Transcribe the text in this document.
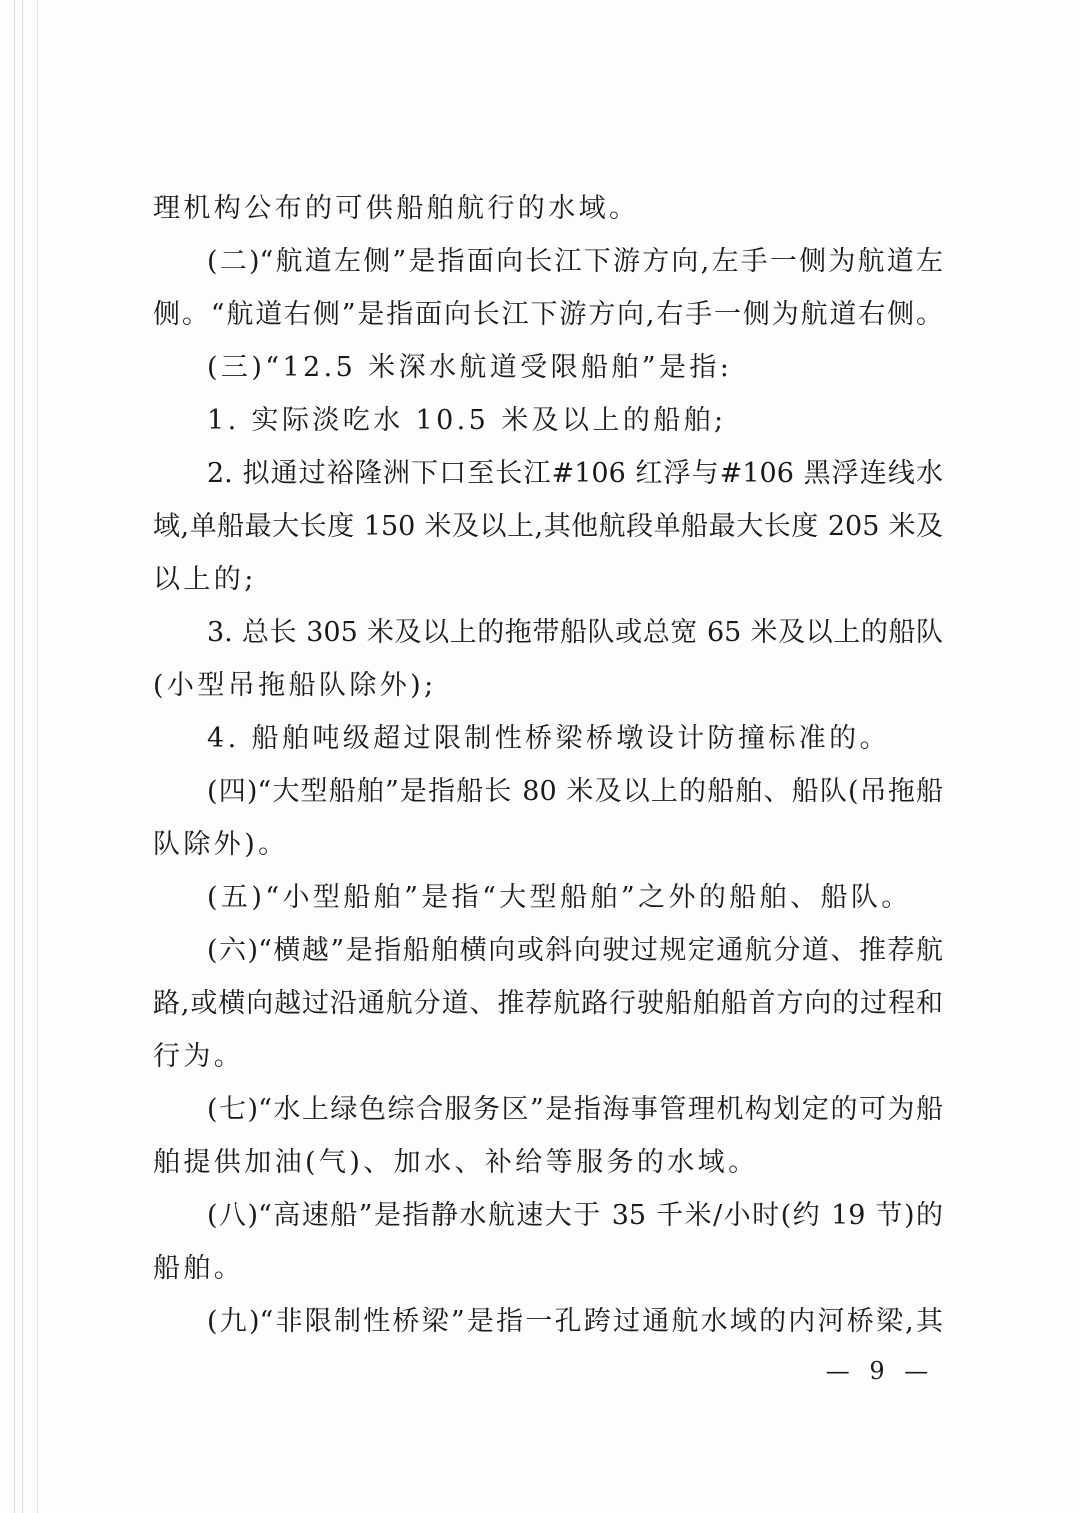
理机构公布的可供船舶航行的水域。
(二)“航道左侧”是指面向长江下游方向,左手一侧为航道左
侧。“航道右侧”是指面向长江下游方向,右手一侧为航道右侧。
(三)“12.5 米深水航道受限船舶”是指:
1. 实际淡吃水 10.5 米及以上的船舶;
2. 拟通过裕隆洲下口至长江#106 红浮与#106 黑浮连线水
域,单船最大长度 150 米及以上,其他航段单船最大长度 205 米及
以上的;
3. 总长 305 米及以上的拖带船队或总宽 65 米及以上的船队
(小型吊拖船队除外);
4. 船舶吨级超过限制性桥梁桥墩设计防撞标准的。
(四)“大型船舶”是指船长 80 米及以上的船舶、船队(吊拖船
队除外)。
(五)“小型船舶”是指“大型船舶”之外的船舶、船队。
(六)“横越”是指船舶横向或斜向驶过规定通航分道、推荐航
路,或横向越过沿通航分道、推荐航路行驶船舶船首方向的过程和
行为。
(七)“水上绿色综合服务区”是指海事管理机构划定的可为船
舶提供加油(气)、加水、补给等服务的水域。
(八)“高速船”是指静水航速大于 35 千米/小时(约 19 节)的
船舶。
(九)“非限制性桥梁”是指一孔跨过通航水域的内河桥梁,其
— 9 —
